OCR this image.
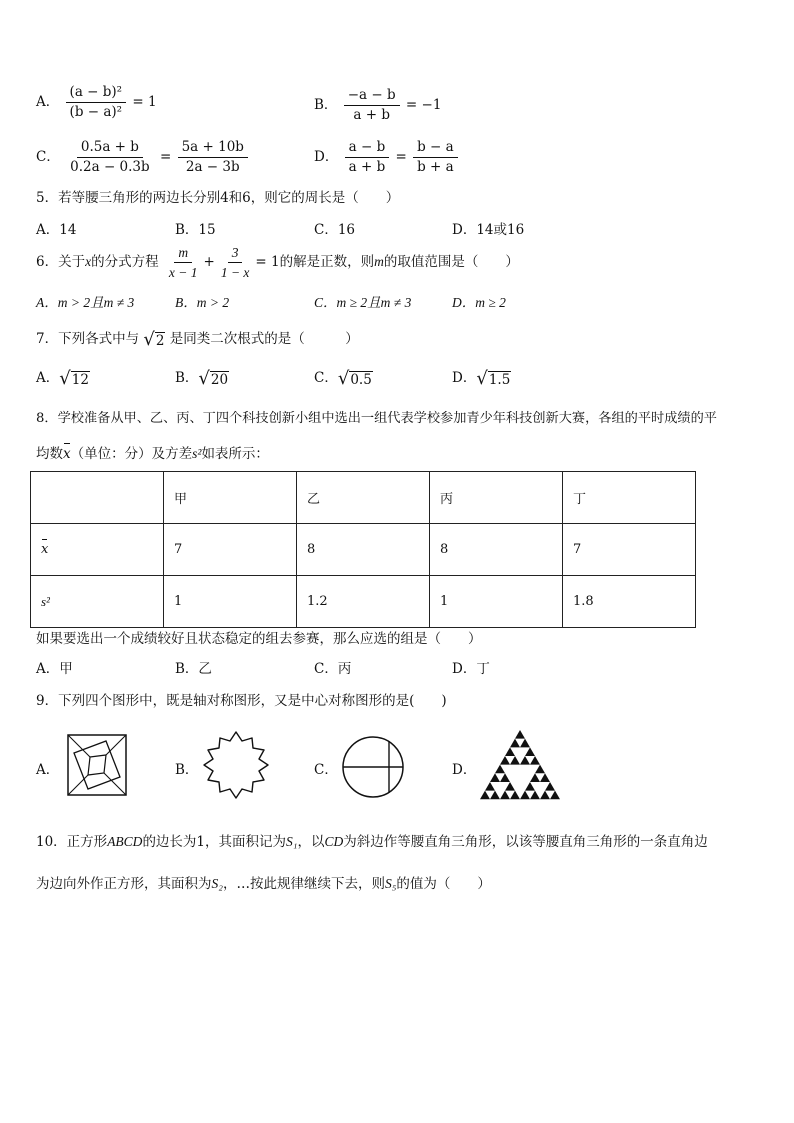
A． $\frac{\text{(a − b)²}}{\text{(b − a)²}} = 1$	B． $\frac{-a - b}{a + b} = -1$
C． $\frac{0.5a + b}{0.2a - 0.3b} = \frac{5a + 10b}{2a - 3b}$	D． $\frac{a - b}{a + b} = \frac{b - a}{b + a}$
5．若等腰三角形的两边长分别4和6，则它的周长是（　　）
A．14	B．15	C．16	D．14或16
6．关于x的分式方程 $\frac{m}{x - 1} + \frac{3}{1 - x} = 1$的解是正数，则m的取值范围是（　　）
A．m > 2且m ≠ 3	B．m > 2	C．m ≥ 2且m ≠ 3	D．m ≥ 2
7．下列各式中与 √2 是同类二次根式的是（　　　）
A．√12	B．√20	C．√0.5	D．√1.5
8．学校准备从甲、乙、丙、丁四个科技创新小组中选出一组代表学校参加青少年科技创新大赛，各组的平时成绩的平
均数x（单位：分）及方差s²如表所示：
	甲	乙	丙	丁
x	7	8	8	7
s²	1	1.2	1	1.8
如果要选出一个成绩较好且状态稳定的组去参赛，那么应选的组是（　　）
A．甲	B．乙	C．丙	D．丁
9．下列四个图形中，既是轴对称图形，又是中心对称图形的是(　　)
A．	B．	C．	D．
10．正方形ABCD的边长为1，其面积记为S₁，以CD为斜边作等腰直角三角形，以该等腰直角三角形的一条直角边
为边向外作正方形，其面积为S₂，…按此规律继续下去，则S₅的值为（　　）
